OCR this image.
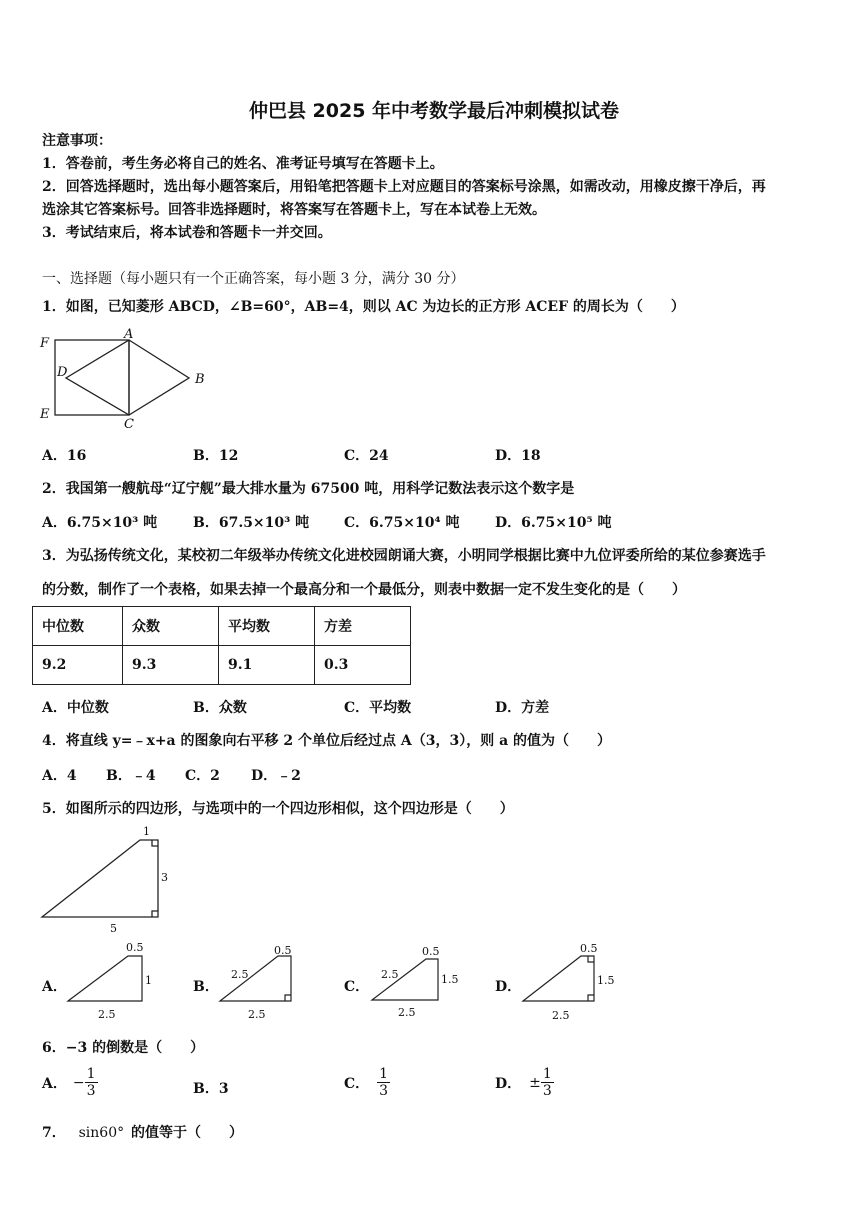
仲巴县 2025 年中考数学最后冲刺模拟试卷
注意事项：
1．答卷前，考生务必将自己的姓名、准考证号填写在答题卡上。
2．回答选择题时，选出每小题答案后，用铅笔把答题卡上对应题目的答案标号涂黑，如需改动，用橡皮擦干净后，再
选涂其它答案标号。回答非选择题时，将答案写在答题卡上，写在本试卷上无效。
3．考试结束后，将本试卷和答题卡一并交回。
一、选择题（每小题只有一个正确答案，每小题 3 分，满分 30 分）
1．如图，已知菱形 ABCD，∠B=60°，AB=4，则以 AC 为边长的正方形 ACEF 的周长为（　　）
F
A
D	B
E
C
A．16	B．12	C．24	D．18
2．我国第一艘航母“辽宁舰”最大排水量为 67500 吨，用科学记数法表示这个数字是
A．6.75×10³ 吨	B．67.5×10³ 吨 C．6.75×10⁴ 吨	D．6.75×10⁵ 吨
3．为弘扬传统文化，某校初二年级举办传统文化进校园朗诵大赛，小明同学根据比赛中九位评委所给的某位参赛选手
的分数，制作了一个表格，如果去掉一个最高分和一个最低分，则表中数据一定不发生变化的是（　　）
中位数	众数	平均数	方差
9.2	9.3	9.1	0.3
A．中位数	B．众数	C．平均数	D．方差
4．将直线 y=﹣x+a 的图象向右平移 2 个单位后经过点 A（3，3），则 a 的值为（　　）
A．4 B．﹣4 C．2 D．﹣2
5．如图所示的四边形，与选项中的一个四边形相似，这个四边形是（　　）
1
3
5
A．
0.5
1
2.5
B．
0.5
2.5
2.5
C．
0.5
2.5	1.5
2.5
D．
0.5
1.5
2.5
6．−3 的倒数是（　　）
A． − $\frac{1}{3}$	B．3	C． $\frac{1}{3}$	D． ± $\frac{1}{3}$
7． sin60° 的值等于（　　）
